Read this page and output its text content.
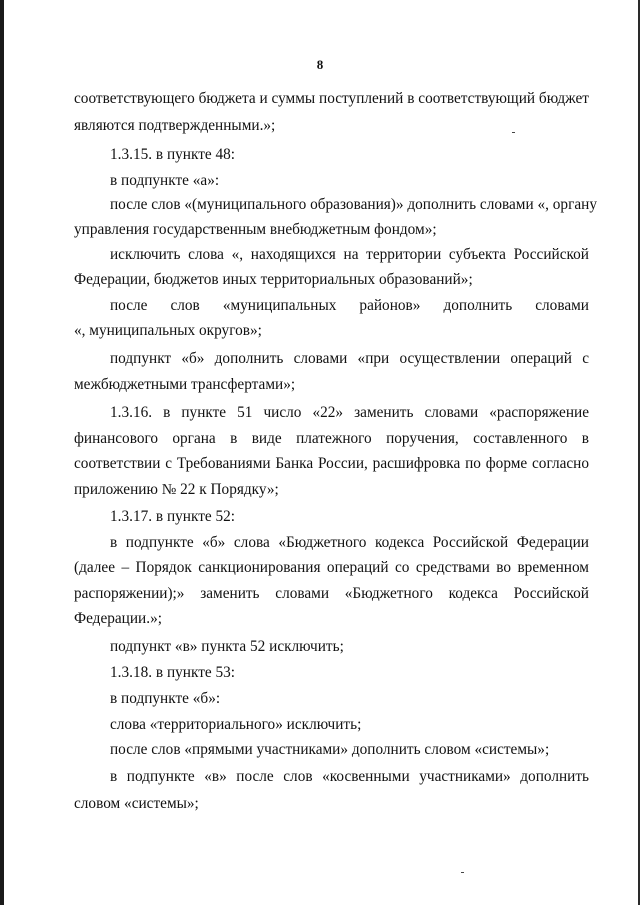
8
соответствующего бюджета и суммы поступлений в соответствующий бюджет
являются подтвержденными.»;
1.3.15. в пункте 48:
в подпункте «а»:
после слов «(муниципального образования)» дополнить словами «, органу
управления государственным внебюджетным фондом»;
исключить слова «, находящихся на территории субъекта Российской
Федерации, бюджетов иных территориальных образований»;
после слов «муниципальных районов» дополнить словами
«, муниципальных округов»;
подпункт «б» дополнить словами «при осуществлении операций с
межбюджетными трансфертами»;
1.3.16. в пункте 51 число «22» заменить словами «распоряжение
финансового органа в виде платежного поручения, составленного в
соответствии с Требованиями Банка России, расшифровка по форме согласно
приложению № 22 к Порядку»;
1.3.17. в пункте 52:
в подпункте «б» слова «Бюджетного кодекса Российской Федерации
(далее – Порядок санкционирования операций со средствами во временном
распоряжении);» заменить словами «Бюджетного кодекса Российской
Федерации.»;
подпункт «в» пункта 52 исключить;
1.3.18. в пункте 53:
в подпункте «б»:
слова «территориального» исключить;
после слов «прямыми участниками» дополнить словом «системы»;
в подпункте «в» после слов «косвенными участниками» дополнить
словом «системы»;
